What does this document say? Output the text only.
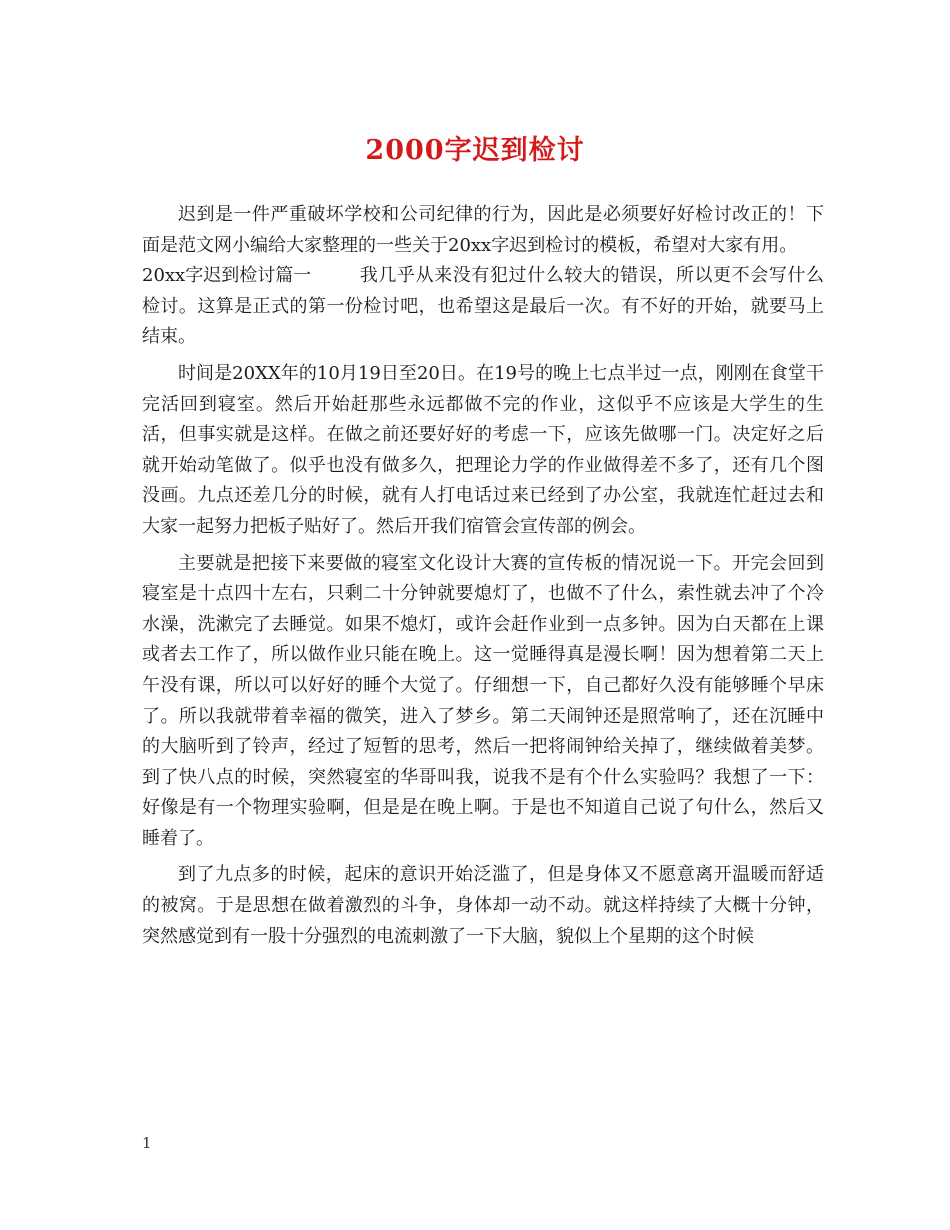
2000字迟到检讨

迟到是一件严重破坏学校和公司纪律的行为，因此是必须要好好检讨改正的！下面是范文网小编给大家整理的一些关于20xx字迟到检讨的模板，希望对大家有用。

20xx字迟到检讨篇一	我几乎从来没有犯过什么较大的错误，所以更不会写什么检讨。这算是正式的第一份检讨吧，也希望这是最后一次。有不好的开始，就要马上结束。

时间是20XX年的10月19日至20日。在19号的晚上七点半过一点，刚刚在食堂干完活回到寝室。然后开始赶那些永远都做不完的作业，这似乎不应该是大学生的生活，但事实就是这样。在做之前还要好好的考虑一下，应该先做哪一门。决定好之后就开始动笔做了。似乎也没有做多久，把理论力学的作业做得差不多了，还有几个图没画。九点还差几分的时候，就有人打电话过来已经到了办公室，我就连忙赶过去和大家一起努力把板子贴好了。然后开我们宿管会宣传部的例会。

主要就是把接下来要做的寝室文化设计大赛的宣传板的情况说一下。开完会回到寝室是十点四十左右，只剩二十分钟就要熄灯了，也做不了什么，索性就去冲了个冷水澡，洗漱完了去睡觉。如果不熄灯，或许会赶作业到一点多钟。因为白天都在上课或者去工作了，所以做作业只能在晚上。这一觉睡得真是漫长啊！因为想着第二天上午没有课，所以可以好好的睡个大觉了。仔细想一下，自己都好久没有能够睡个早床了。所以我就带着幸福的微笑，进入了梦乡。第二天闹钟还是照常响了，还在沉睡中的大脑听到了铃声，经过了短暂的思考，然后一把将闹钟给关掉了，继续做着美梦。到了快八点的时候，突然寝室的华哥叫我，说我不是有个什么实验吗？我想了一下：好像是有一个物理实验啊，但是是在晚上啊。于是也不知道自己说了句什么，然后又睡着了。

到了九点多的时候，起床的意识开始泛滥了，但是身体又不愿意离开温暖而舒适的被窝。于是思想在做着激烈的斗争，身体却一动不动。就这样持续了大概十分钟，突然感觉到有一股十分强烈的电流刺激了一下大脑，貌似上个星期的这个时候

1
